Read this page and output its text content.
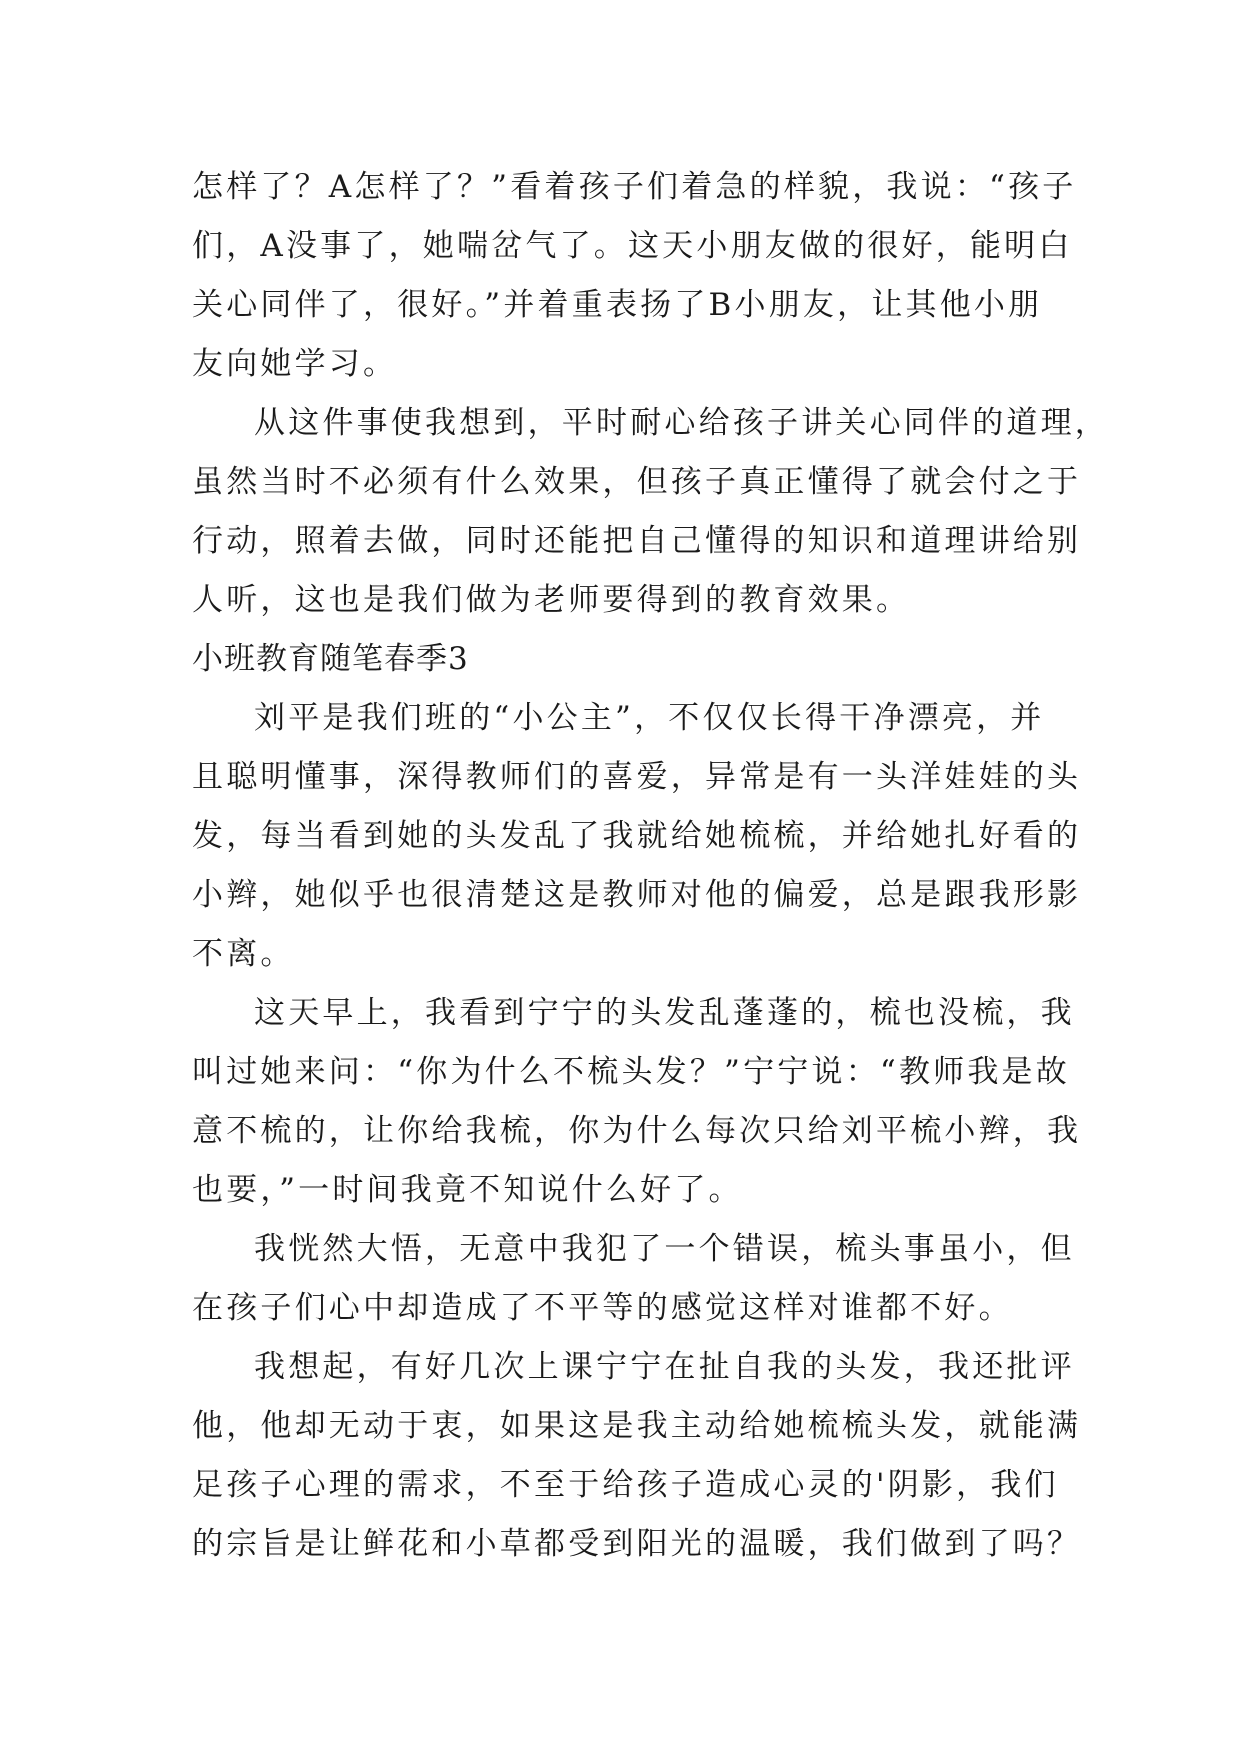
怎样了？A怎样了？”看着孩子们着急的样貌，我说：“孩子
们，A没事了，她喘岔气了。这天小朋友做的很好，能明白
关心同伴了，很好。”并着重表扬了B小朋友，让其他小朋
友向她学习。
从这件事使我想到，平时耐心给孩子讲关心同伴的道理，
虽然当时不必须有什么效果，但孩子真正懂得了就会付之于
行动，照着去做，同时还能把自己懂得的知识和道理讲给别
人听，这也是我们做为老师要得到的教育效果。
小班教育随笔春季3
刘平是我们班的“小公主”，不仅仅长得干净漂亮，并
且聪明懂事，深得教师们的喜爱，异常是有一头洋娃娃的头
发，每当看到她的头发乱了我就给她梳梳，并给她扎好看的
小辫，她似乎也很清楚这是教师对他的偏爱，总是跟我形影
不离。
这天早上，我看到宁宁的头发乱蓬蓬的，梳也没梳，我
叫过她来问：“你为什么不梳头发？”宁宁说：“教师我是故
意不梳的，让你给我梳，你为什么每次只给刘平梳小辫，我
也要，”一时间我竟不知说什么好了。
我恍然大悟，无意中我犯了一个错误，梳头事虽小，但
在孩子们心中却造成了不平等的感觉这样对谁都不好。
我想起，有好几次上课宁宁在扯自我的头发，我还批评
他，他却无动于衷，如果这是我主动给她梳梳头发，就能满
足孩子心理的需求，不至于给孩子造成心灵的'阴影，我们
的宗旨是让鲜花和小草都受到阳光的温暖，我们做到了吗？
